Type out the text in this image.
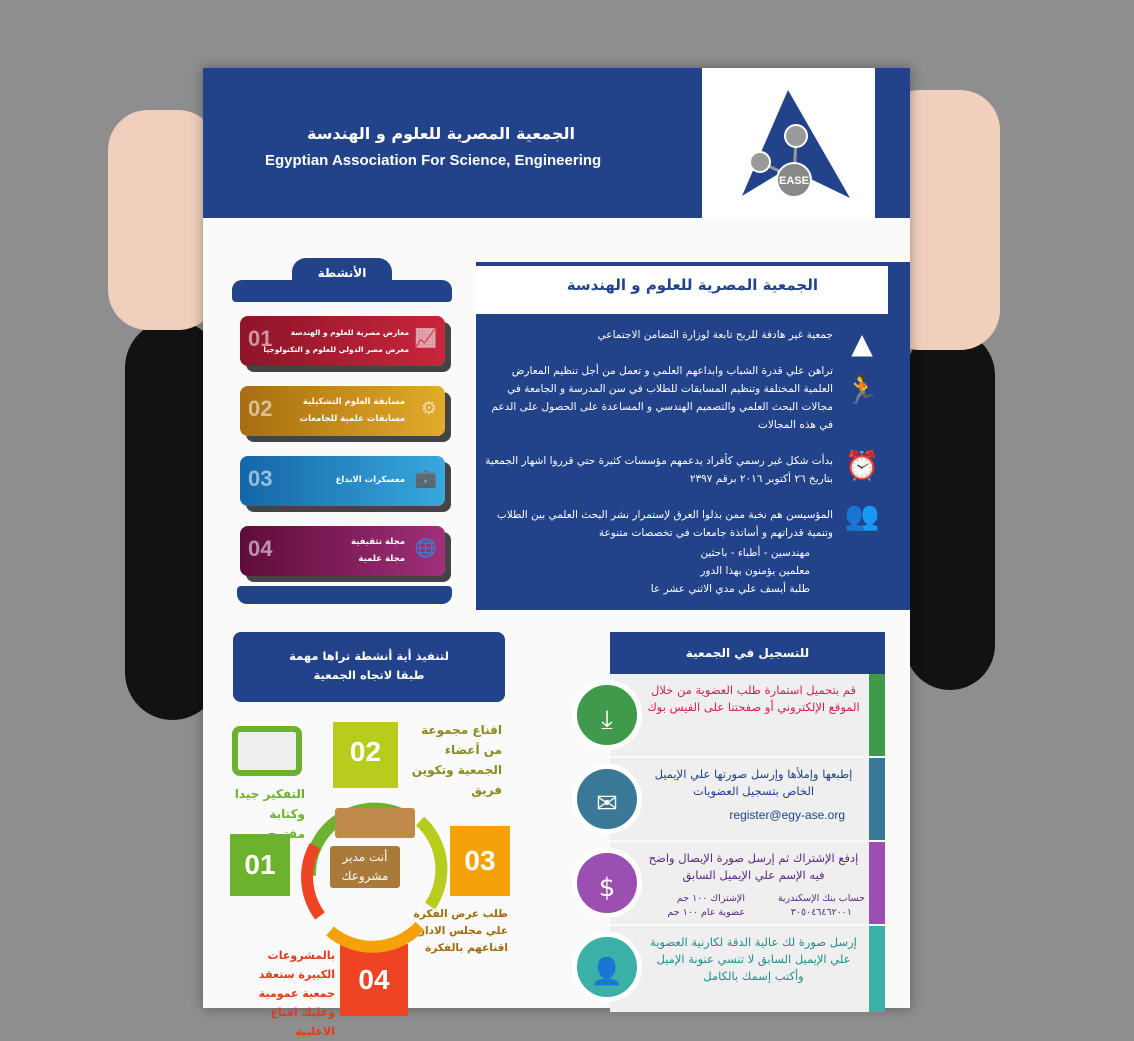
الجمعية المصرية للعلوم و الهندسة
Egyptian Association For Science, Engineering
EASE
الجمعية المصرية للعلوم و الهندسة
▲
جمعية غير هادفة للربح تابعة لوزارة التضامن الاجتماعي
🏃
تراهن علي قدرة الشباب وابداعهم العلمي و تعمل من أجل تنظيم المعارض العلمية المختلفة وتنظيم المسابقات للطلاب في سن المدرسة و الجامعة في مجالات البحث العلمي والتصميم الهندسي و المساعدة على الحصول على الدعم في هذه المجالات
⏰
بدأت شكل غير رسمي كأفراد يدعمهم مؤسسات كثيرة حتي قرروا اشهار الجمعية بتاريخ ٢٦ أكتوبر ٢٠١٦ برقم ٢٣٩٧
👥
المؤسيسن هم نخبة ممن بذلوا العرق لإستمرار نشر البحث العلمي بين الطلاب وتنمية قدراتهم و أساتذة جامعات في تخصصات متنوعة
مهندسين - أطباء - باحثين
معلمين يؤمنون بهذا الدور
طلبة أيسف علي مدي الاثني عشر عا
الأنشطة
01	📈
معارض مصرية للعلوم و الهندسة
معرض مصر الدولي للعلوم و التكنولوجيا
02	⚙
مسابقة العلوم التشكيلية
مسابقات علمية للجامعات
03	💼
معسكرات الابداع
04	🌐
مجلة تثقيفية
مجلة علمية
لتنفيذ أية أنشطة تراها مهمة
طبقا لاتجاه الجمعية
01
التفكير جيدا وكتابة مقترح
02
اقناع مجموعة من أعضاء الجمعية وتكوين فريق
03
طلب عرض الفكرة علي مجلس الادارة و اقناعهم بالفكرة
04
بالمشروعات الكبيرة ستعقد جمعية عمومية وعليك اقناع الاغلبية
أنت مدير مشروعك
للتسجيل في الجمعية
⤓
قم بتحميل استمارة طلب العضوية من خلال الموقع الإلكتروني أو صفحتنا على الفيس بوك
✉
إطبعها وإملأها وإرسل صورتها علي الإيميل الخاص بتسجيل العضويات
register@egy-ase.org
$
إدفع الإشتراك ثم إرسل صورة الإيصال واضح فيه الإسم علي الإيميل السابق
حساب بنك الإسكندرية
٣٠٥٠٤٦٤٦٢٠٠١
الإشتراك ١٠٠ جم
عضوية عام ١٠٠ جم
👤
إرسل صورة لك عالية الدقة لكارنية العضوية علي الإيميل السابق لا تنسي عنونة الإميل وأكتب إسمك بالكامل
